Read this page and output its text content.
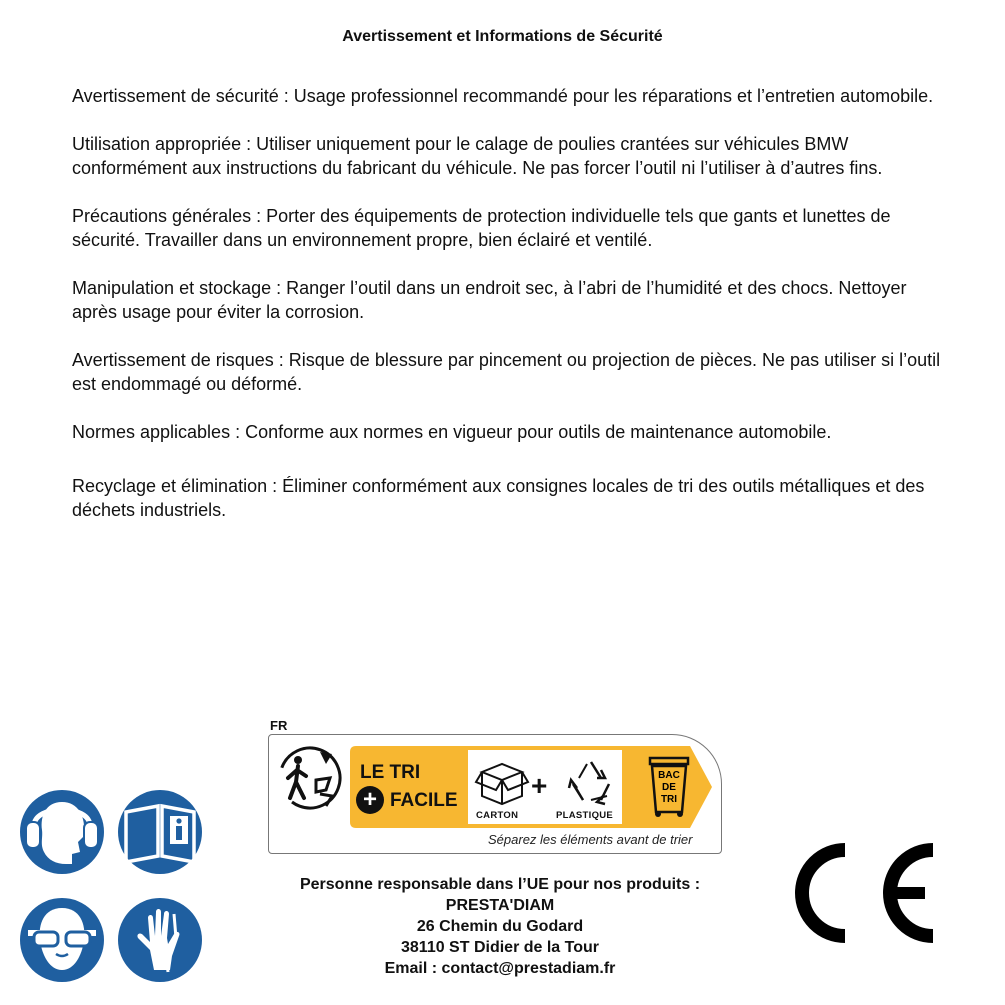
Avertissement et Informations de Sécurité

Avertissement de sécurité : Usage professionnel recommandé pour les réparations et l’entretien automobile.

Utilisation appropriée : Utiliser uniquement pour le calage de poulies crantées sur véhicules BMW conformément aux instructions du fabricant du véhicule. Ne pas forcer l’outil ni l’utiliser à d’autres fins.

Précautions générales : Porter des équipements de protection individuelle tels que gants et lunettes de sécurité. Travailler dans un environnement propre, bien éclairé et ventilé.

Manipulation et stockage : Ranger l’outil dans un endroit sec, à l’abri de l’humidité et des chocs. Nettoyer après usage pour éviter la corrosion.

Avertissement de risques : Risque de blessure par pincement ou projection de pièces. Ne pas utiliser si l’outil est endommagé ou déformé.

Normes applicables : Conforme aux normes en vigueur pour outils de maintenance automobile.

Recyclage et élimination : Éliminer conformément aux consignes locales de tri des outils métalliques et des déchets industriels.

FR
LE TRI
+ FACILE	+
CARTON	PLASTIQUE
BAC
DE
TRI
Séparez les éléments avant de trier
Personne responsable dans l’UE pour nos produits :
PRESTA'DIAM
26 Chemin du Godard
38110 ST Didier de la Tour
Email : contact@prestadiam.fr
